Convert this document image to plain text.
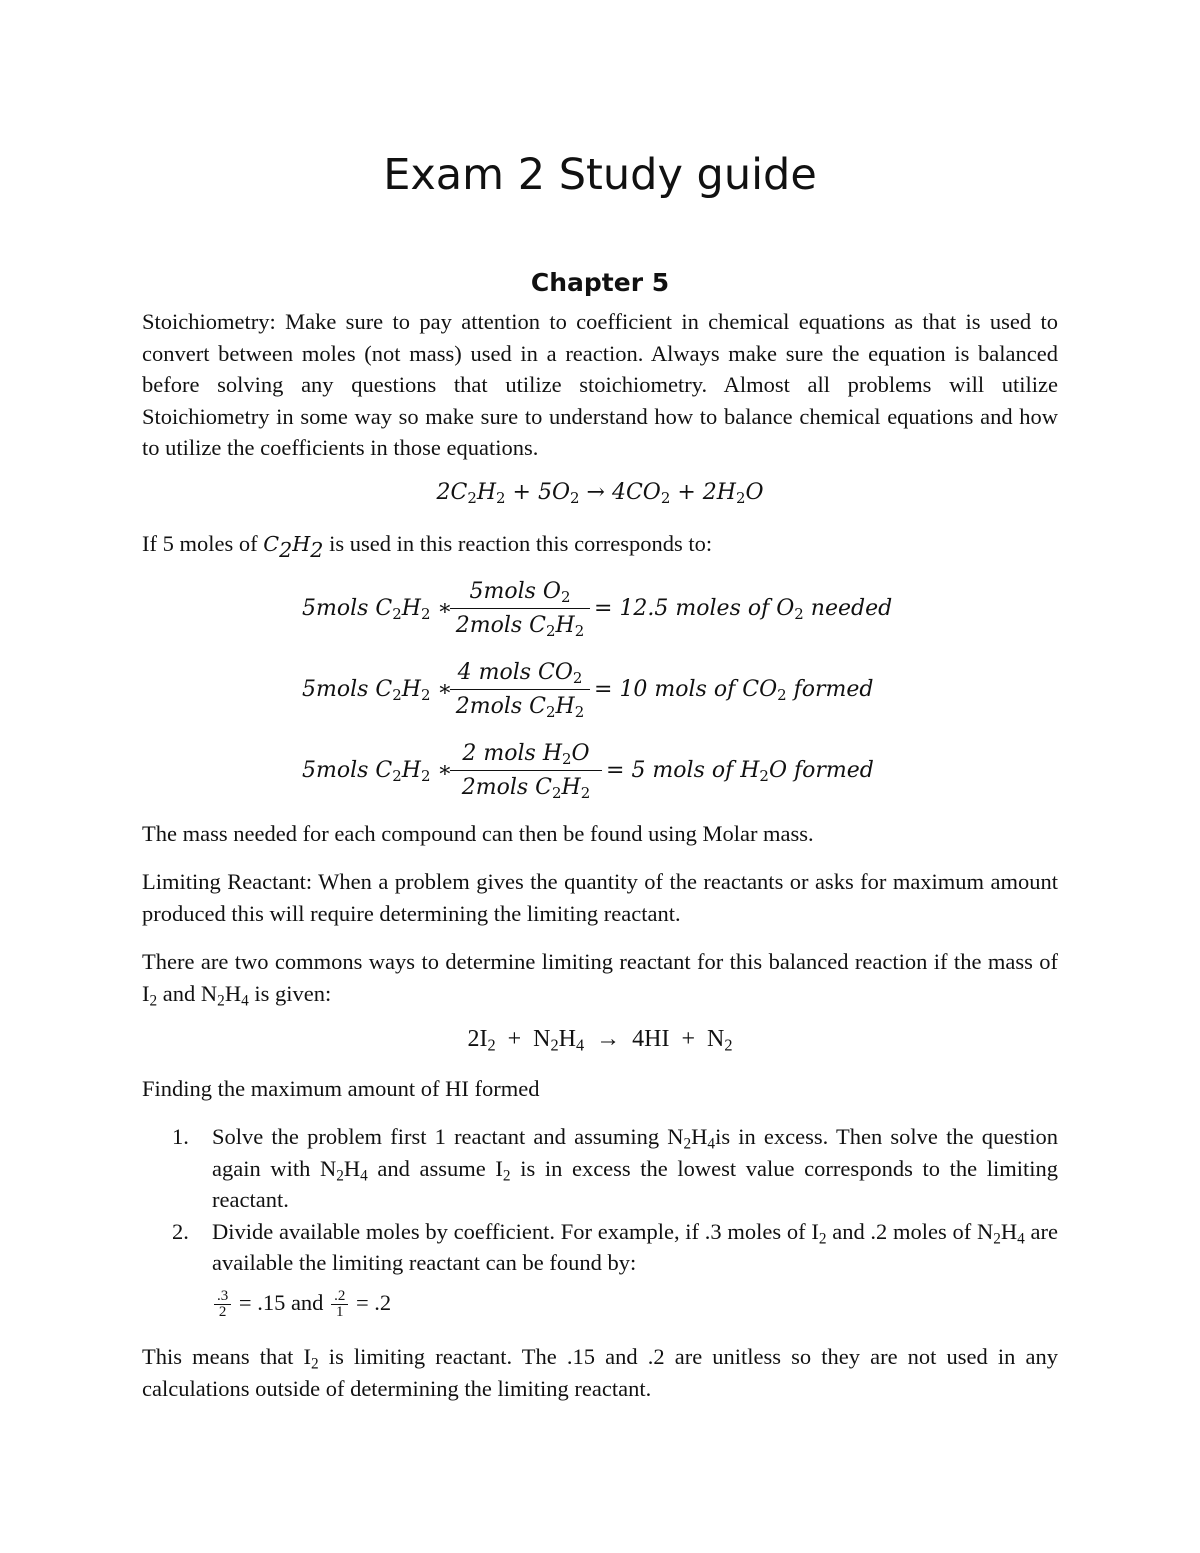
Exam 2 Study guide
Chapter 5

Stoichiometry: Make sure to pay attention to coefficient in chemical equations as that is used to convert between moles (not mass) used in a reaction. Always make sure the equation is balanced before solving any questions that utilize stoichiometry. Almost all problems will utilize Stoichiometry in some way so make sure to understand how to balance chemical equations and how to utilize the coefficients in those equations.

$2C_2H_2 + 5O_2 \to 4CO_2 + 2H_2O$

If 5 moles of $C_2H_2$ is used in this reaction this corresponds to:

5mols $C_2H_2$ ∗
5mols $O_2$
2mols $C_2H_2$
= 12.5 moles of $O_2$ needed
5mols $C_2H_2$ ∗
4 mols $CO_2$
2mols $C_2H_2$
= 10 mols of $CO_2$ formed
5mols $C_2H_2$ ∗
2 mols $H_2O$
2mols $C_2H_2$
= 5 mols of $H_2O$ formed

The mass needed for each compound can then be found using Molar mass.

Limiting Reactant: When a problem gives the quantity of the reactants or asks for maximum amount produced this will require determining the limiting reactant.

There are two commons ways to determine limiting reactant for this balanced reaction if the mass of $I_2$ and $N_2H_4$ is given:

$2I_2 + N_2H_4 \to 4HI + N_2$

Finding the maximum amount of HI formed

1. Solve the problem first 1 reactant and assuming $N_2H_4is$ in excess. Then solve the question again with $N_2H_4$ and assume $I_2$ is in excess the lowest value corresponds to the limiting reactant.
2. Divide available moles by coefficient. For example, if .3 moles of $I_2$ and .2 moles of $N_2H_4$ are available the limiting reactant can be found by:
$\frac{.3}{2} = .15$ and $\frac{.2}{1} = .2$

This means that $I_2$ is limiting reactant. The .15 and .2 are unitless so they are not used in any calculations outside of determining the limiting reactant.
